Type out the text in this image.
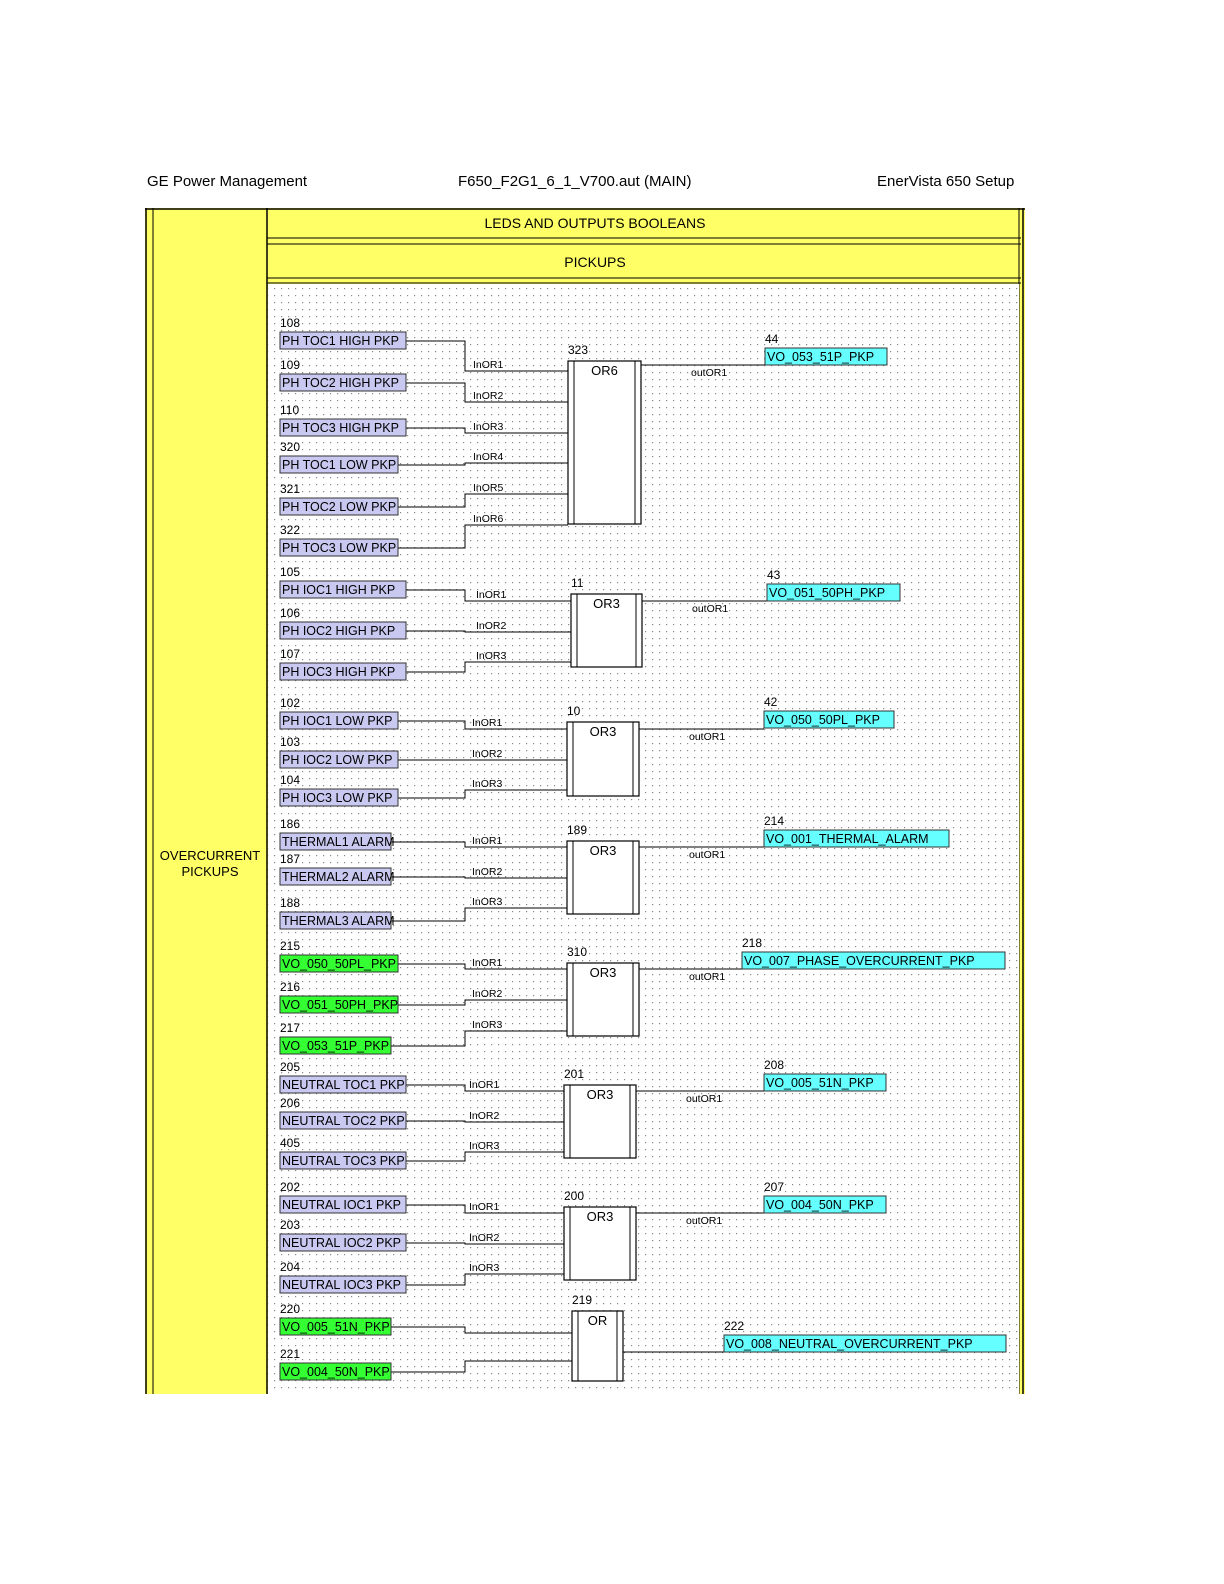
GE Power Management	F650_F2G1_6_1_V700.aut (MAIN)	EnerVista 650 Setup
LEDS AND OUTPUTS BOOLEANS
PICKUPS
OVERCURRENT
PICKUPS
108
PH TOC1 HIGH PKP
InOR1
109
PH TOC2 HIGH PKP
InOR2
110
PH TOC3 HIGH PKP	InOR3
320
PH TOC1 LOW PKP
InOR4
321
PH TOC2 LOW PKP
InOR5
322
PH TOC3 LOW PKP
InOR6
OR6
323
outOR1
VO_053_51P_PKP
44
105
PH IOC1 HIGH PKP	InOR1
106
PH IOC2 HIGH PKP	InOR2
107
PH IOC3 HIGH PKP
InOR3
OR3
11
outOR1
VO_051_50PH_PKP
43
102
PH IOC1 LOW PKP	InOR1
103
PH IOC2 LOW PKP	InOR2
104
PH IOC3 LOW PKP
InOR3
OR3
10
outOR1
VO_050_50PL_PKP
42
186
THERMAL1 ALARM	InOR1
187
THERMAL2 ALARM	InOR2
188
THERMAL3 ALARM
InOR3
OR3
189
outOR1
VO_001_THERMAL_ALARM
214
215
VO_050_50PL_PKP	InOR1
216
VO_051_50PH_PKP
InOR2
217
VO_053_51P_PKP
InOR3
OR3
310
outOR1
VO_007_PHASE_OVERCURRENT_PKP
218
205
NEUTRAL TOC1 PKP	InOR1
206
NEUTRAL TOC2 PKP	InOR2
405
NEUTRAL TOC3 PKP
InOR3
OR3
201
outOR1
VO_005_51N_PKP
208
202
NEUTRAL IOC1 PKP	InOR1
203
NEUTRAL IOC2 PKP	InOR2
204
NEUTRAL IOC3 PKP
InOR3
OR3
200
outOR1
VO_004_50N_PKP
207
220
VO_005_51N_PKP
221
VO_004_50N_PKP
OR
219
VO_008_NEUTRAL_OVERCURRENT_PKP
222
